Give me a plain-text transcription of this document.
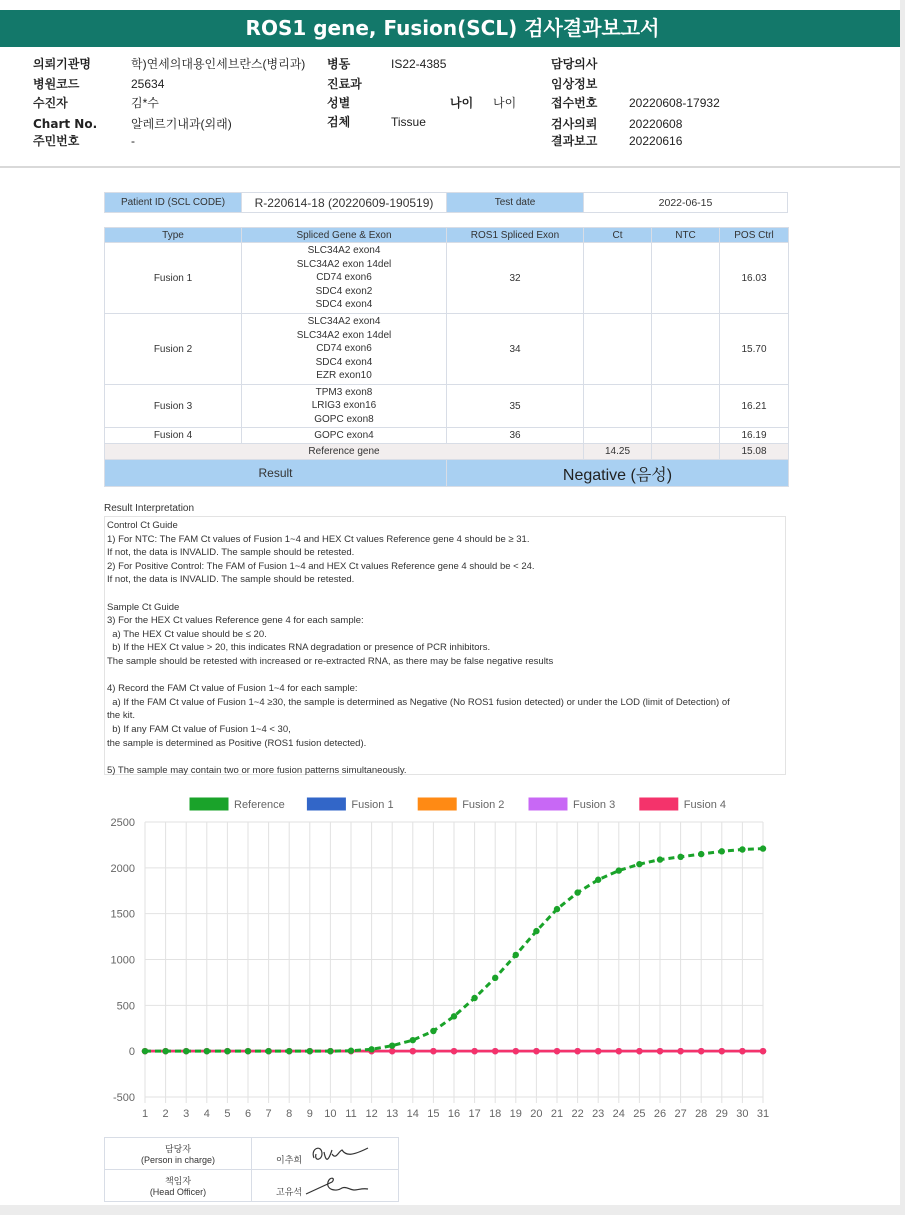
ROS1 gene, Fusion(SCL) 검사결과보고서
의뢰기관명	학)연세의대용인세브란스(병리과)
병원코드	25634
수진자	김*수
Chart No.	알레르기내과(외래)
주민번호	-
병동	IS22-4385
진료과
성별
검체	Tissue
나이 나이
담당의사
임상정보
접수번호	20220608-17932
검사의뢰	20220608
결과보고	20220616
Patient ID (SCL CODE)	R-220614-18 (20220609-190519)	Test date	2022-06-15
Type	Spliced Gene & Exon	ROS1 Spliced Exon	Ct	NTC	POS Ctrl
Fusion 1	SLC34A2 exon4
SLC34A2 exon 14del
CD74 exon6
SDC4 exon2
SDC4 exon4	32			16.03
Fusion 2	SLC34A2 exon4
SLC34A2 exon 14del
CD74 exon6
SDC4 exon4
EZR exon10	34			15.70
Fusion 3	TPM3 exon8
LRIG3 exon16
GOPC exon8	35			16.21
Fusion 4	GOPC exon4	36			16.19
Reference gene			14.25		15.08
Result		Negative (음성)			
Result Interpretation
Control Ct Guide
1) For NTC: The FAM Ct values of Fusion 1~4 and HEX Ct values Reference gene 4 should be ≥ 31.
If not, the data is INVALID. The sample should be retested.
2) For Positive Control: The FAM of Fusion 1~4 and HEX Ct values Reference gene 4 should be < 24.
If not, the data is INVALID. The sample should be retested.

Sample Ct Guide
3) For the HEX Ct values Reference gene 4 for each sample:
a) The HEX Ct value should be ≤ 20.
b) If the HEX Ct value > 20, this indicates RNA degradation or presence of PCR inhibitors.
The sample should be retested with increased or re-extracted RNA, as there may be false negative results

4) Record the FAM Ct value of Fusion 1~4 for each sample:
a) If the FAM Ct value of Fusion 1~4 ≥30, the sample is determined as Negative (No ROS1 fusion detected) or under the LOD (limit of Detection) of
the kit.
b) If any FAM Ct value of Fusion 1~4 < 30,
the sample is determined as Positive (ROS1 fusion detected).

5) The sample may contain two or more fusion patterns simultaneously.
2500
2000
1500
1000
500
0
-500
1 2 3 4 5 6 7 8 9 10 11 12 13 14 15 16 17 18 19 20 21 22 23 24 25 26 27 28 29 30 31
Reference	Fusion 1	Fusion 2	Fusion 3	Fusion 4
담당자
(Person in charge)	이추희

책임자
(Head Officer)	고유석
